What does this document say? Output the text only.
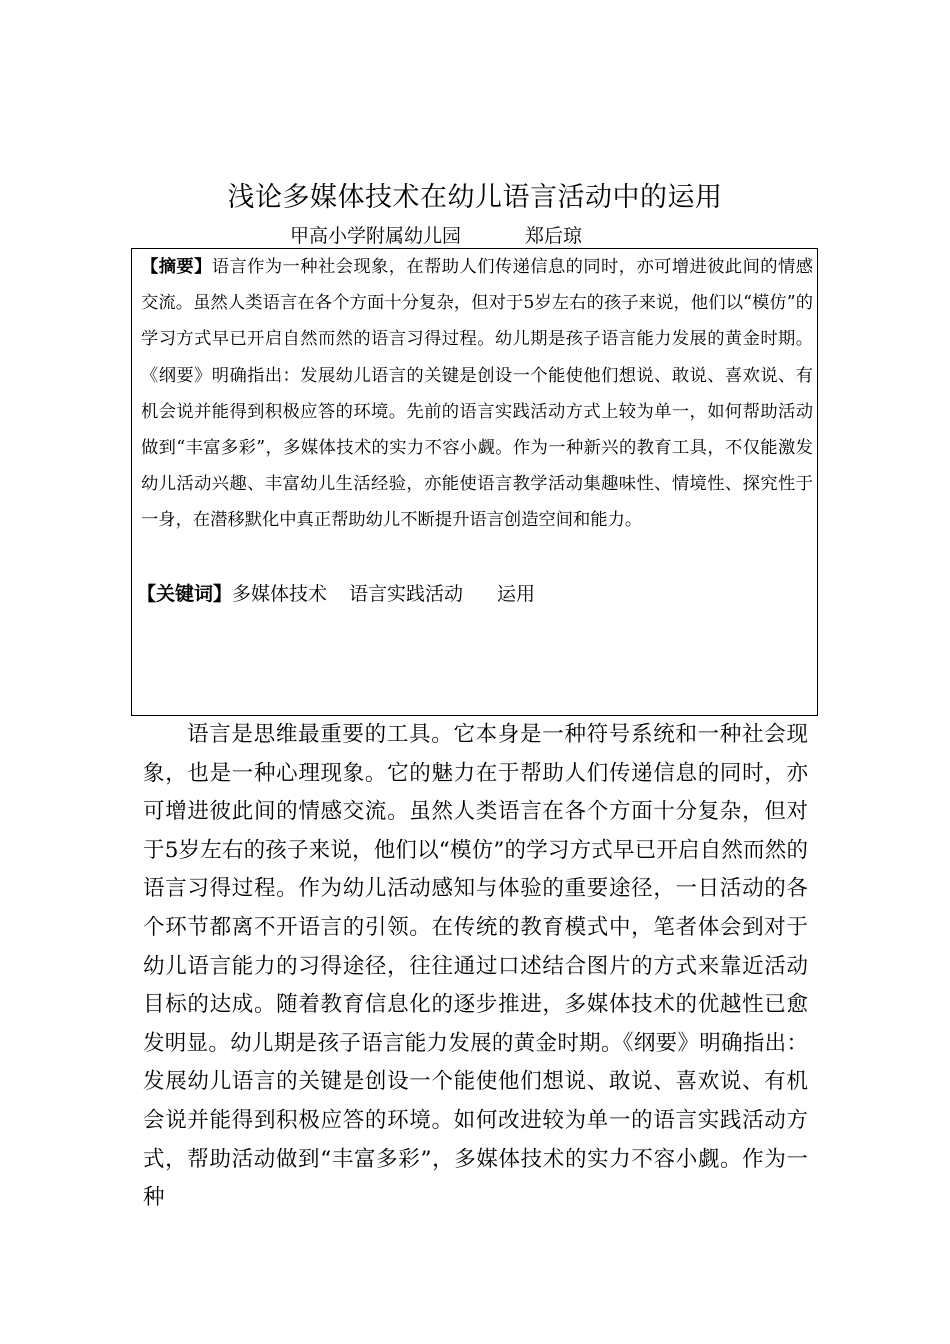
浅论多媒体技术在幼儿语言活动中的运用
甲高小学附属幼儿园	郑后琼

【摘要】语言作为一种社会现象，在帮助人们传递信息的同时，亦可增进彼此间的情感交流。虽然人类语言在各个方面十分复杂，但对于5岁左右的孩子来说，他们以“模仿”的学习方式早已开启自然而然的语言习得过程。幼儿期是孩子语言能力发展的黄金时期。《纲要》明确指出：发展幼儿语言的关键是创设一个能使他们想说、敢说、喜欢说、有机会说并能得到积极应答的环境。先前的语言实践活动方式上较为单一，如何帮助活动做到“丰富多彩”，多媒体技术的实力不容小觑。作为一种新兴的教育工具，不仅能激发幼儿活动兴趣、丰富幼儿生活经验，亦能使语言教学活动集趣味性、情境性、探究性于一身，在潜移默化中真正帮助幼儿不断提升语言创造空间和能力。

【关键词】多媒体技术 语言实践活动 运用

语言是思维最重要的工具。它本身是一种符号系统和一种社会现象，也是一种心理现象。它的魅力在于帮助人们传递信息的同时，亦可增进彼此间的情感交流。虽然人类语言在各个方面十分复杂，但对于5岁左右的孩子来说，他们以“模仿”的学习方式早已开启自然而然的语言习得过程。作为幼儿活动感知与体验的重要途径，一日活动的各个环节都离不开语言的引领。在传统的教育模式中，笔者体会到对于幼儿语言能力的习得途径，往往通过口述结合图片的方式来靠近活动目标的达成。随着教育信息化的逐步推进，多媒体技术的优越性已愈发明显。幼儿期是孩子语言能力发展的黄金时期。《纲要》明确指出：发展幼儿语言的关键是创设一个能使他们想说、敢说、喜欢说、有机会说并能得到积极应答的环境。如何改进较为单一的语言实践活动方式，帮助活动做到“丰富多彩”，多媒体技术的实力不容小觑。作为一种
